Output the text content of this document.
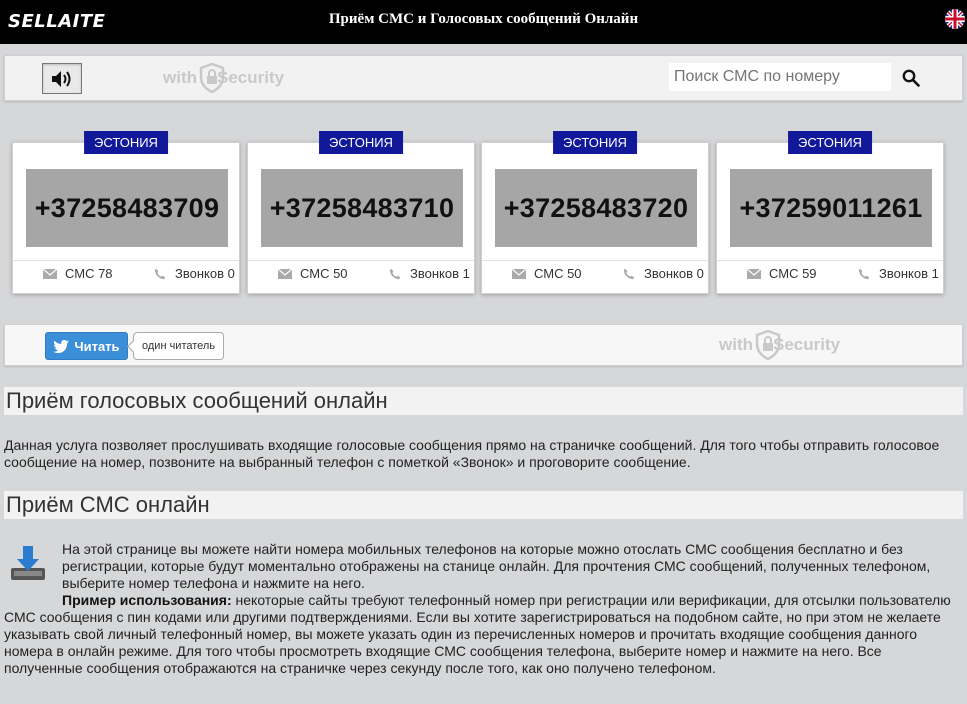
SELLAITE	Приём СМС и Голосовых сообщений Онлайн
with Security
Поиск СМС по номеру
ЭСТОНИЯ
+37258483709
СМС 78	Звонков 0
ЭСТОНИЯ
+37258483710
СМС 50	Звонков 1
ЭСТОНИЯ
+37258483720
СМС 50	Звонков 0
ЭСТОНИЯ
+37259011261
СМС 59	Звонков 1
Читать	один читатель	with Security
Приём голосовых сообщений онлайн
Данная услуга позволяет прослушивать входящие голосовые сообщения прямо на страничке сообщений. Для того чтобы отправить голосовое сообщение на номер, позвоните на выбранный телефон с пометкой «Звонок» и проговорите сообщение.
Приём СМС онлайн
На этой странице вы можете найти номера мобильных телефонов на которые можно отослать СМС сообщения бесплатно и без регистрации, которые будут моментально отображены на станице онлайн. Для прочтения СМС сообщений, полученных телефоном, выберите номер телефона и нажмите на него.
Пример использования: некоторые сайты требуют телефонный номер при регистрации или верификации, для отсылки пользователю СМС сообщения с пин кодами или другими подтверждениями. Если вы хотите зарегистрироваться на подобном сайте, но при этом не желаете указывать свой личный телефонный номер, вы можете указать один из перечисленных номеров и прочитать входящие сообщения данного номера в онлайн режиме. Для того чтобы просмотреть входящие СМС сообщения телефона, выберите номер и нажмите на него. Все полученные сообщения отображаются на страничке через секунду после того, как оно получено телефоном.
